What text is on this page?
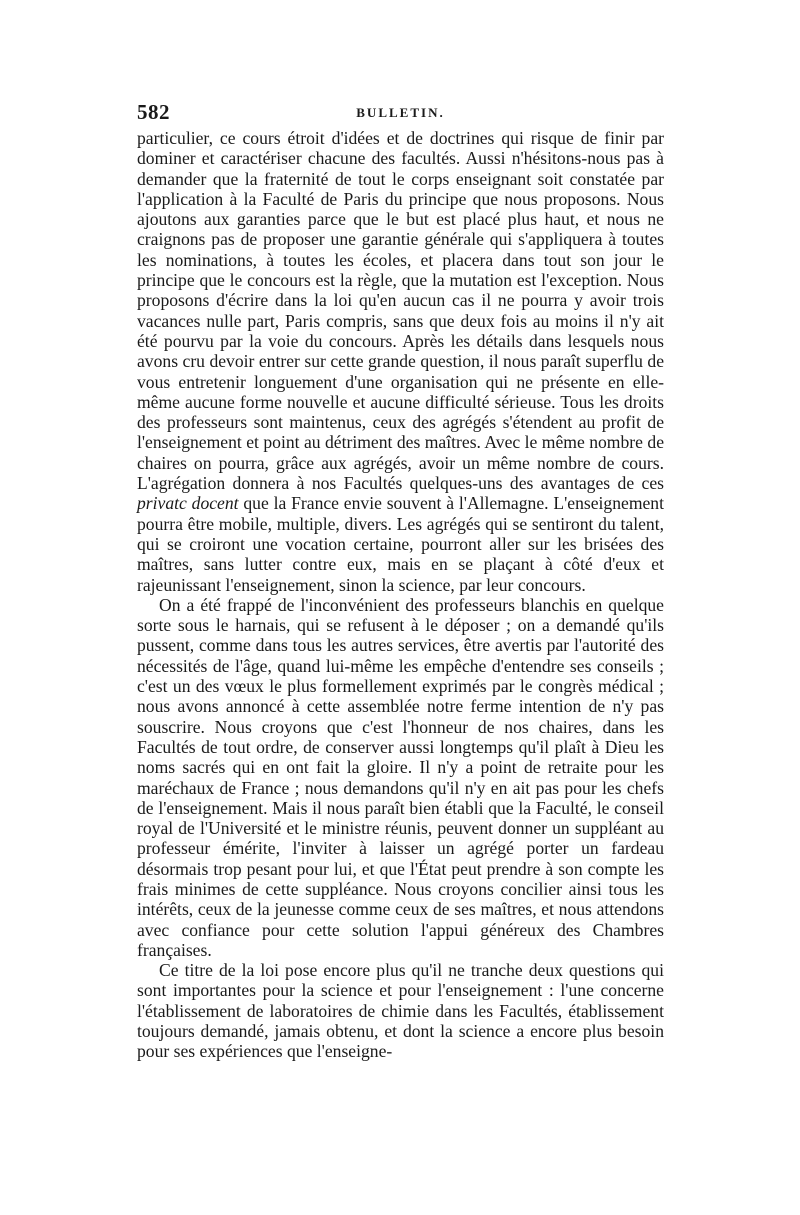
582	BULLETIN.

particulier, ce cours étroit d'idées et de doctrines qui risque de finir par dominer et caractériser chacune des facultés. Aussi n'hésitons-nous pas à demander que la fraternité de tout le corps enseignant soit constatée par l'application à la Faculté de Paris du principe que nous proposons. Nous ajoutons aux garanties parce que le but est placé plus haut, et nous ne craignons pas de proposer une garantie générale qui s'appliquera à toutes les nominations, à toutes les écoles, et placera dans tout son jour le principe que le concours est la règle, que la mutation est l'exception. Nous proposons d'écrire dans la loi qu'en aucun cas il ne pourra y avoir trois vacances nulle part, Paris compris, sans que deux fois au moins il n'y ait été pourvu par la voie du concours. Après les détails dans lesquels nous avons cru devoir entrer sur cette grande question, il nous paraît superflu de vous entretenir longuement d'une organisation qui ne présente en elle-même aucune forme nouvelle et aucune difficulté sérieuse. Tous les droits des professeurs sont maintenus, ceux des agrégés s'étendent au profit de l'enseignement et point au détriment des maîtres. Avec le même nombre de chaires on pourra, grâce aux agrégés, avoir un même nombre de cours. L'agrégation donnera à nos Facultés quelques-uns des avantages de ces privatc docent que la France envie souvent à l'Allemagne. L'enseignement pourra être mobile, multiple, divers. Les agrégés qui se sentiront du talent, qui se croiront une vocation certaine, pourront aller sur les brisées des maîtres, sans lutter contre eux, mais en se plaçant à côté d'eux et rajeunissant l'enseignement, sinon la science, par leur concours.

On a été frappé de l'inconvénient des professeurs blanchis en quelque sorte sous le harnais, qui se refusent à le déposer ; on a demandé qu'ils pussent, comme dans tous les autres services, être avertis par l'autorité des nécessités de l'âge, quand lui-même les empêche d'entendre ses conseils ; c'est un des vœux le plus formellement exprimés par le congrès médical ; nous avons annoncé à cette assemblée notre ferme intention de n'y pas souscrire. Nous croyons que c'est l'honneur de nos chaires, dans les Facultés de tout ordre, de conserver aussi longtemps qu'il plaît à Dieu les noms sacrés qui en ont fait la gloire. Il n'y a point de retraite pour les maréchaux de France ; nous demandons qu'il n'y en ait pas pour les chefs de l'enseignement. Mais il nous paraît bien établi que la Faculté, le conseil royal de l'Université et le ministre réunis, peuvent donner un suppléant au professeur émérite, l'inviter à laisser un agrégé porter un fardeau désormais trop pesant pour lui, et que l'État peut prendre à son compte les frais minimes de cette suppléance. Nous croyons concilier ainsi tous les intérêts, ceux de la jeunesse comme ceux de ses maîtres, et nous attendons avec confiance pour cette solution l'appui généreux des Chambres françaises.

Ce titre de la loi pose encore plus qu'il ne tranche deux questions qui sont importantes pour la science et pour l'enseignement : l'une concerne l'établissement de laboratoires de chimie dans les Facultés, établissement toujours demandé, jamais obtenu, et dont la science a encore plus besoin pour ses expériences que l'enseigne-
